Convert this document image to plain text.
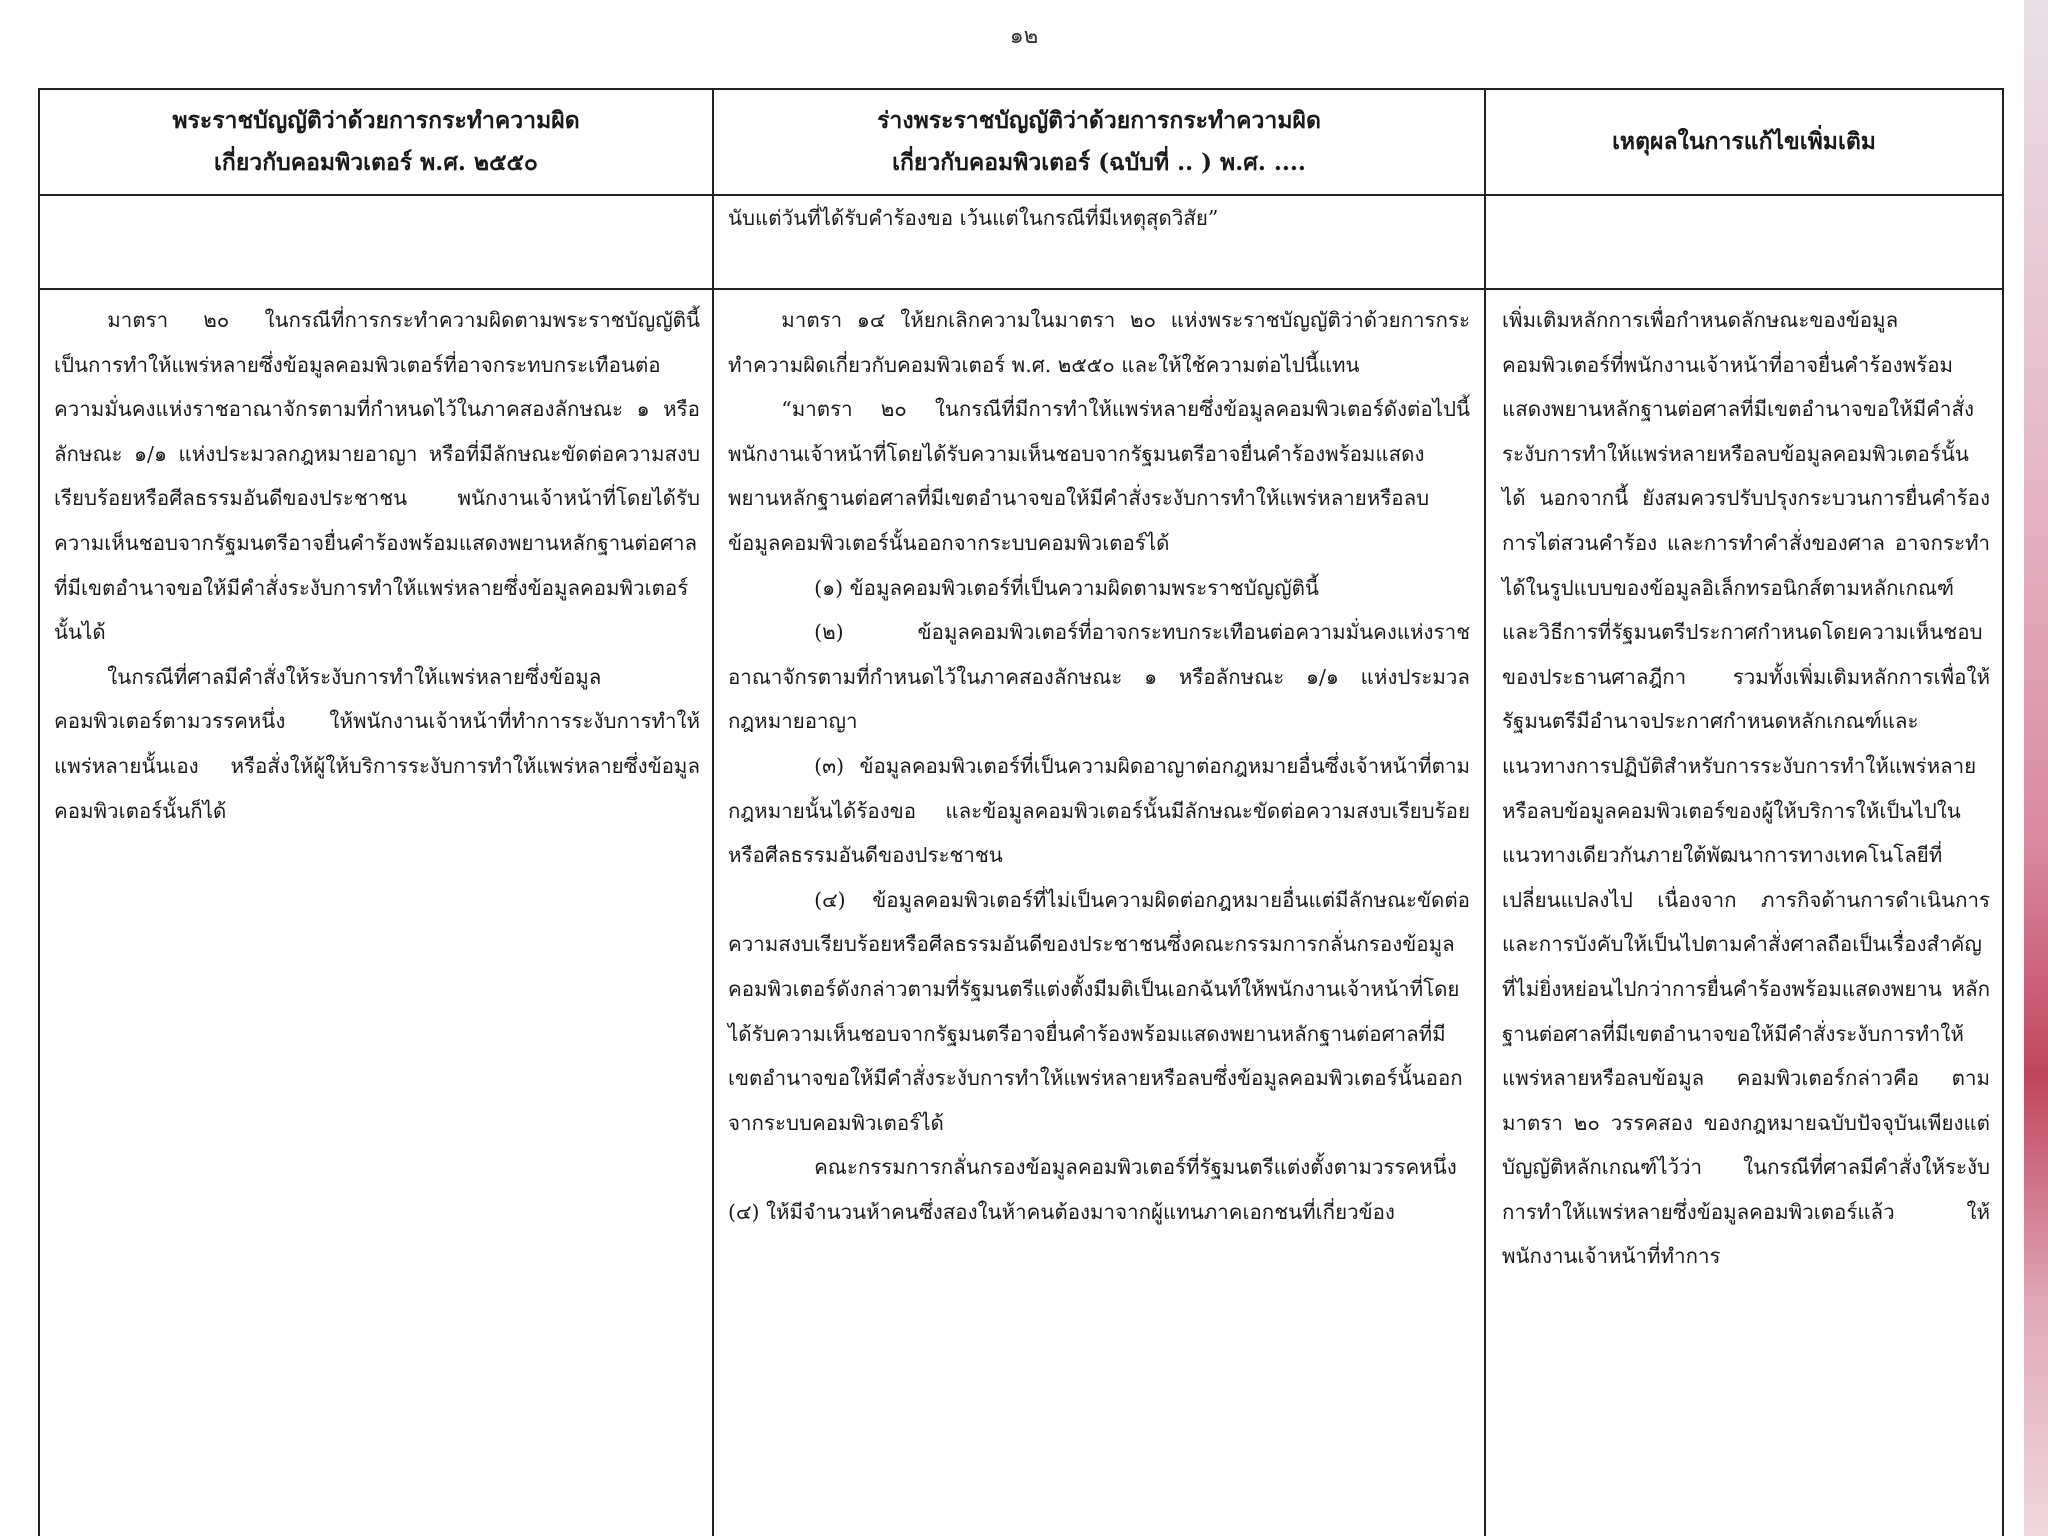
๑๒
พระราชบัญญัติว่าด้วยการกระทำความผิด
เกี่ยวกับคอมพิวเตอร์ พ.ศ. ๒๕๕๐
ร่างพระราชบัญญัติว่าด้วยการกระทำความผิด
เกี่ยวกับคอมพิวเตอร์ (ฉบับที่ .. ) พ.ศ. ....
เหตุผลในการแก้ไขเพิ่มเติม

นับแต่วันที่ได้รับคำร้องขอ เว้นแต่ในกรณีที่มีเหตุสุดวิสัย”

มาตรา ๒๐ ในกรณีที่การกระทำความผิดตามพระราชบัญญัตินี้เป็นการทำให้แพร่หลายซึ่งข้อมูลคอมพิวเตอร์ที่อาจกระทบกระเทือนต่อความมั่นคงแห่งราชอาณาจักรตามที่กำหนดไว้ในภาคสองลักษณะ ๑ หรือลักษณะ ๑/๑ แห่งประมวลกฎหมายอาญา หรือที่มีลักษณะขัดต่อความสงบเรียบร้อยหรือศีลธรรมอันดีของประชาชน พนักงานเจ้าหน้าที่โดยได้รับความเห็นชอบจากรัฐมนตรีอาจยื่นคำร้องพร้อมแสดงพยานหลักฐานต่อศาลที่มีเขตอำนาจขอให้มีคำสั่งระงับการทำให้แพร่หลายซึ่งข้อมูลคอมพิวเตอร์นั้นได้

ในกรณีที่ศาลมีคำสั่งให้ระงับการทำให้แพร่หลายซึ่งข้อมูลคอมพิวเตอร์ตามวรรคหนึ่ง ให้พนักงานเจ้าหน้าที่ทำการระงับการทำให้แพร่หลายนั้นเอง หรือสั่งให้ผู้ให้บริการระงับการทำให้แพร่หลายซึ่งข้อมูลคอมพิวเตอร์นั้นก็ได้

มาตรา ๑๔ ให้ยกเลิกความในมาตรา ๒๐ แห่งพระราชบัญญัติว่าด้วยการกระทำความผิดเกี่ยวกับคอมพิวเตอร์ พ.ศ. ๒๕๕๐ และให้ใช้ความต่อไปนี้แทน

“มาตรา ๒๐ ในกรณีที่มีการทำให้แพร่หลายซึ่งข้อมูลคอมพิวเตอร์ดังต่อไปนี้ พนักงานเจ้าหน้าที่โดยได้รับความเห็นชอบจากรัฐมนตรีอาจยื่นคำร้องพร้อมแสดงพยานหลักฐานต่อศาลที่มีเขตอำนาจขอให้มีคำสั่งระงับการทำให้แพร่หลายหรือลบข้อมูลคอมพิวเตอร์นั้นออกจากระบบคอมพิวเตอร์ได้

(๑) ข้อมูลคอมพิวเตอร์ที่เป็นความผิดตามพระราชบัญญัตินี้

(๒) ข้อมูลคอมพิวเตอร์ที่อาจกระทบกระเทือนต่อความมั่นคงแห่งราชอาณาจักรตามที่กำหนดไว้ในภาคสองลักษณะ ๑ หรือลักษณะ ๑/๑ แห่งประมวลกฎหมายอาญา

(๓) ข้อมูลคอมพิวเตอร์ที่เป็นความผิดอาญาต่อกฎหมายอื่นซึ่งเจ้าหน้าที่ตามกฎหมายนั้นได้ร้องขอ และข้อมูลคอมพิวเตอร์นั้นมีลักษณะขัดต่อความสงบเรียบร้อยหรือศีลธรรมอันดีของประชาชน

(๔) ข้อมูลคอมพิวเตอร์ที่ไม่เป็นความผิดต่อกฎหมายอื่นแต่มีลักษณะขัดต่อความสงบเรียบร้อยหรือศีลธรรมอันดีของประชาชนซึ่งคณะกรรมการกลั่นกรองข้อมูลคอมพิวเตอร์ดังกล่าวตามที่รัฐมนตรีแต่งตั้งมีมติเป็นเอกฉันท์ให้พนักงานเจ้าหน้าที่โดยได้รับความเห็นชอบจากรัฐมนตรีอาจยื่นคำร้องพร้อมแสดงพยานหลักฐานต่อศาลที่มีเขตอำนาจขอให้มีคำสั่งระงับการทำให้แพร่หลายหรือลบซึ่งข้อมูลคอมพิวเตอร์นั้นออกจากระบบคอมพิวเตอร์ได้

คณะกรรมการกลั่นกรองข้อมูลคอมพิวเตอร์ที่รัฐมนตรีแต่งตั้งตามวรรคหนึ่ง (๔) ให้มีจำนวนห้าคนซึ่งสองในห้าคนต้องมาจากผู้แทนภาคเอกชนที่เกี่ยวข้อง

เพิ่มเติมหลักการเพื่อกำหนดลักษณะของข้อมูล คอมพิวเตอร์ที่พนักงานเจ้าหน้าที่อาจยื่นคำร้องพร้อมแสดงพยานหลักฐานต่อศาลที่มีเขตอำนาจขอให้มีคำสั่งระงับการทำให้แพร่หลายหรือลบข้อมูลคอมพิวเตอร์นั้นได้ นอกจากนี้ ยังสมควรปรับปรุงกระบวนการยื่นคำร้องการไต่สวนคำร้อง และการทำคำสั่งของศาล อาจกระทำได้ในรูปแบบของข้อมูลอิเล็กทรอนิกส์ตามหลักเกณฑ์และวิธีการที่รัฐมนตรีประกาศกำหนดโดยความเห็นชอบของประธานศาลฎีกา รวมทั้งเพิ่มเติมหลักการเพื่อให้รัฐมนตรีมีอำนาจประกาศกำหนดหลักเกณฑ์และแนวทางการปฏิบัติสำหรับการระงับการทำให้แพร่หลายหรือลบข้อมูลคอมพิวเตอร์ของผู้ให้บริการให้เป็นไปในแนวทางเดียวกันภายใต้พัฒนาการทางเทคโนโลยีที่เปลี่ยนแปลงไป เนื่องจาก ภารกิจด้านการดำเนินการและการบังคับให้เป็นไปตามคำสั่งศาลถือเป็นเรื่องสำคัญที่ไม่ยิ่งหย่อนไปกว่าการยื่นคำร้องพร้อมแสดงพยาน หลักฐานต่อศาลที่มีเขตอำนาจขอให้มีคำสั่งระงับการทำให้แพร่หลายหรือลบข้อมูล คอมพิวเตอร์กล่าวคือ ตามมาตรา ๒๐ วรรคสอง ของกฎหมายฉบับปัจจุบันเพียงแต่บัญญัติหลักเกณฑ์ไว้ว่า ในกรณีที่ศาลมีคำสั่งให้ระงับการทำให้แพร่หลายซึ่งข้อมูลคอมพิวเตอร์แล้ว ให้พนักงานเจ้าหน้าที่ทำการ
